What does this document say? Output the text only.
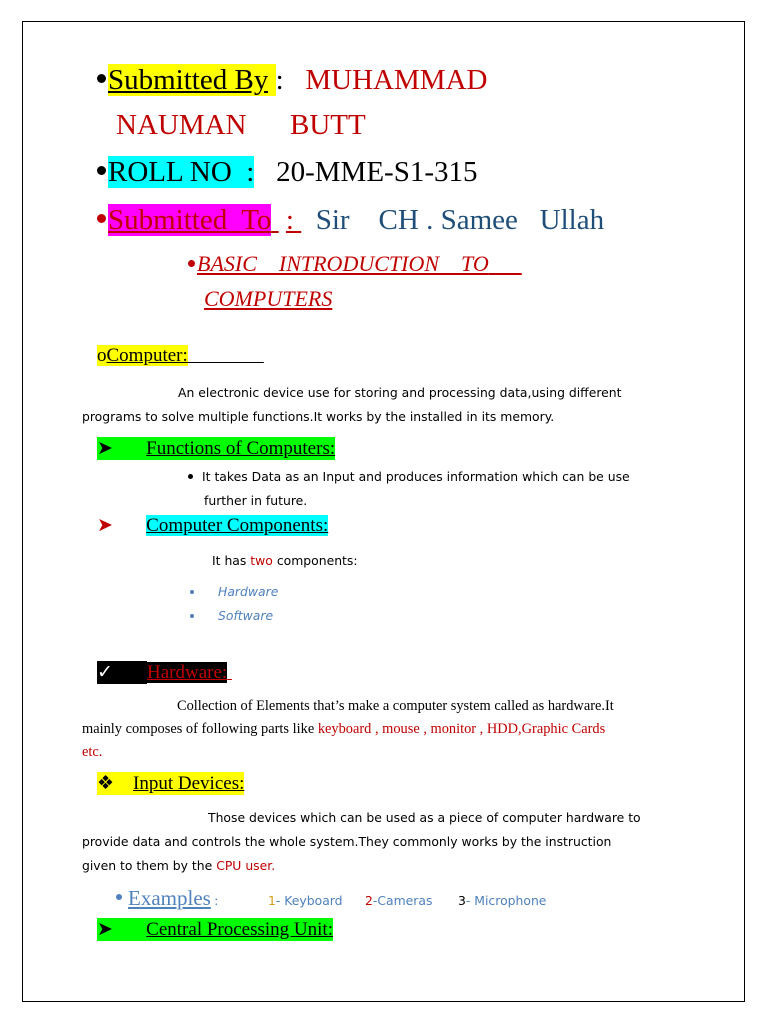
Submitted By : MUHAMMAD
NAUMAN      BUTT
ROLL NO : 20-MME-S1-315
Submitted  To : Sir    CH . Samee   Ullah
BASIC    INTRODUCTION    TO
COMPUTERS
oComputer:
An electronic device use for storing and processing data,using different
programs to solve multiple functions.It works by the installed in its memory.
➤ Functions of Computers:
It takes Data as an Input and produces information which can be use
further in future.
➤ Computer Components:
It has two components:
Hardware
Software
✓ Hardware:
Collection of Elements that’s make a computer system called as hardware.It
mainly composes of following parts like keyboard , mouse , monitor , HDD,Graphic Cards
etc.
❖ Input Devices:
Those devices which can be used as a piece of computer hardware to
provide data and controls the whole system.They commonly works by the instruction
given to them by the CPU user.
Examples :	1- Keyboard 2-Cameras 3- Microphone
➤ Central Processing Unit:
